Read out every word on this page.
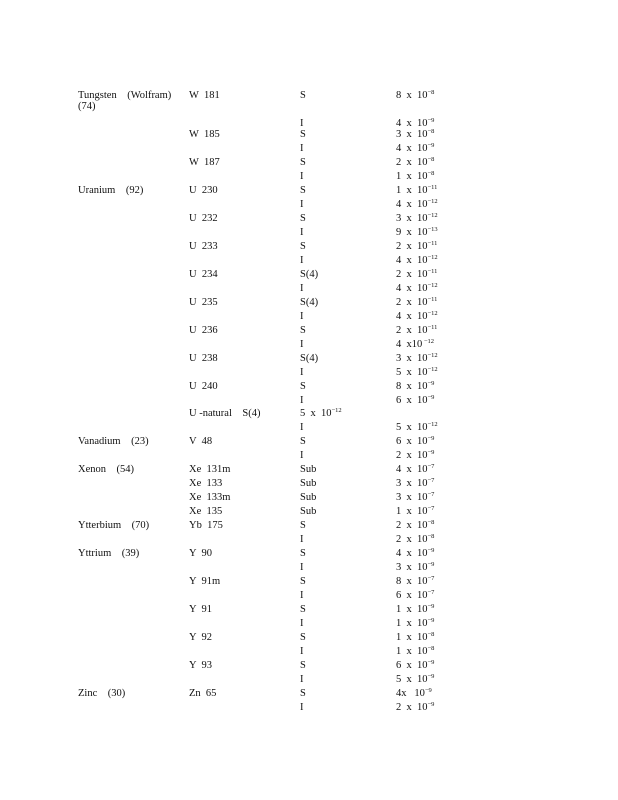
Tungsten    (Wolfram) W  181	S	8  x  $10^{-8}$
(74)
I	4  x  $10^{-9}$
W  185	S	3  x  $10^{-8}$
I	4  x  $10^{-9}$
W  187	S	2  x  $10^{-8}$
I	1  x  $10^{-8}$
Uranium    (92)	U  230	S	1  x  $10^{-11}$
I	4  x  $10^{-12}$
U  232	S	3  x  $10^{-12}$
I	9  x  $10^{-13}$
U  233	S	2  x  $10^{-11}$
I	4  x  $10^{-12}$
U  234	S(4)	2  x  $10^{-11}$
I	4  x  $10^{-12}$
U  235	S(4)	2  x  $10^{-11}$
I	4  x  $10^{-12}$
U  236	S	2  x  $10^{-11}$
I	4  x10 $^{-12}$
U  238	S(4)	3  x  $10^{-12}$
I	5  x  $10^{-12}$
U  240	S	8  x  $10^{-9}$
I	6  x  $10^{-9}$
U -natural    S(4)	5  x  $10^{-12}$
I	5  x  $10^{-12}$
Vanadium    (23)	V  48	S	6  x  $10^{-9}$
I	2  x  $10^{-9}$
Xenon    (54)	Xe  131m	Sub	4  x  $10^{-7}$
Xe  133	Sub	3  x  $10^{-7}$
Xe  133m	Sub	3  x  $10^{-7}$
Xe  135	Sub	1  x  $10^{-7}$
Ytterbium    (70)	Yb  175	S	2  x  $10^{-8}$
I	2  x  $10^{-8}$
Yttrium    (39)	Y  90	S	4  x  $10^{-9}$
I	3  x  $10^{-9}$
Y  91m	S	8  x  $10^{-7}$
I	6  x  $10^{-7}$
Y  91	S	1  x  $10^{-9}$
I	1  x  $10^{-9}$
Y  92	S	1  x  $10^{-8}$
I	1  x  $10^{-8}$
Y  93	S	6  x  $10^{-9}$
I	5  x  $10^{-9}$
Zinc    (30)	Zn  65	S	4x   $10^{-9}$
I	2  x  $10^{-9}$
